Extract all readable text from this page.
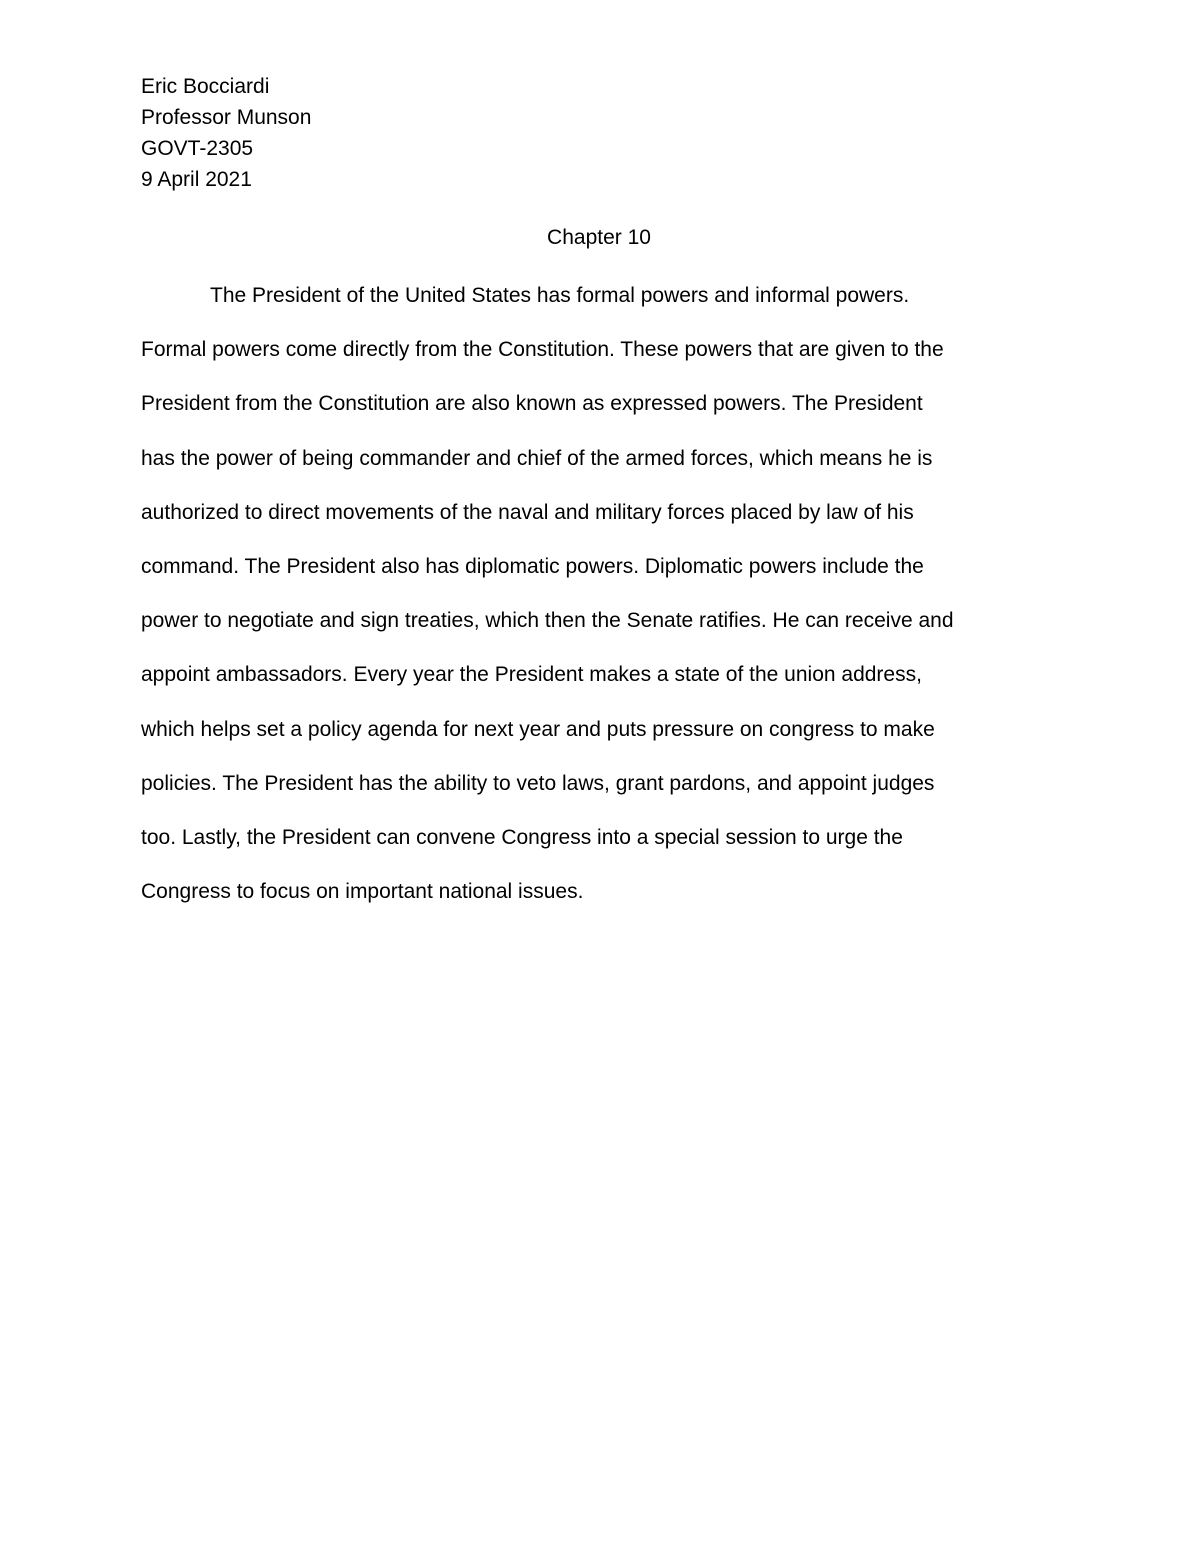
Eric Bocciardi
Professor Munson
GOVT-2305
9 April 2021
Chapter 10
The President of the United States has formal powers and informal powers.
Formal powers come directly from the Constitution. These powers that are given to the
President from the Constitution are also known as expressed powers. The President
has the power of being commander and chief of the armed forces, which means he is
authorized to direct movements of the naval and military forces placed by law of his
command. The President also has diplomatic powers. Diplomatic powers include the
power to negotiate and sign treaties, which then the Senate ratifies. He can receive and
appoint ambassadors. Every year the President makes a state of the union address,
which helps set a policy agenda for next year and puts pressure on congress to make
policies. The President has the ability to veto laws, grant pardons, and appoint judges
too. Lastly, the President can convene Congress into a special session to urge the
Congress to focus on important national issues.
